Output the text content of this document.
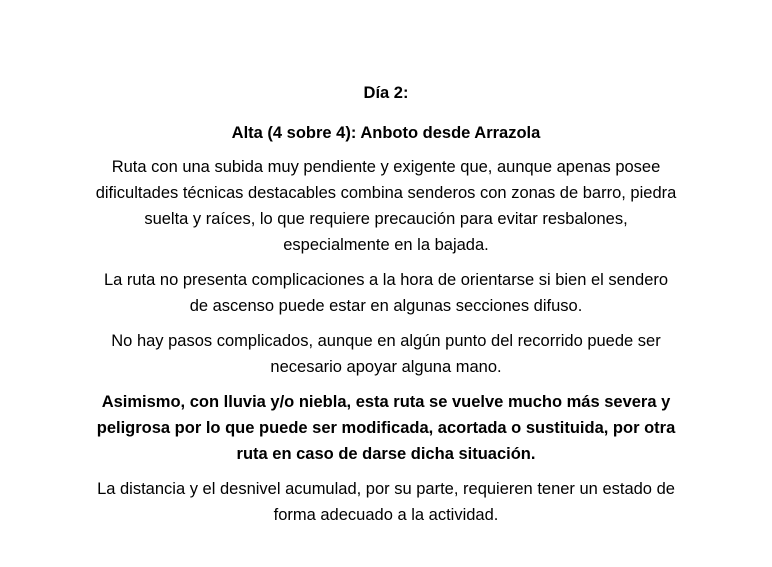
Día 2:

Alta (4 sobre 4): Anboto desde Arrazola

Ruta con una subida muy pendiente y exigente que, aunque apenas posee dificultades técnicas destacables combina senderos con zonas de barro, piedra suelta y raíces, lo que requiere precaución para evitar resbalones, especialmente en la bajada.

La ruta no presenta complicaciones a la hora de orientarse si bien el sendero de ascenso puede estar en algunas secciones difuso.

No hay pasos complicados, aunque en algún punto del recorrido puede ser necesario apoyar alguna mano.

Asimismo, con lluvia y/o niebla, esta ruta se vuelve mucho más severa y peligrosa por lo que puede ser modificada, acortada o sustituida, por otra ruta en caso de darse dicha situación.

La distancia y el desnivel acumulad, por su parte, requieren tener un estado de forma adecuado a la actividad.
